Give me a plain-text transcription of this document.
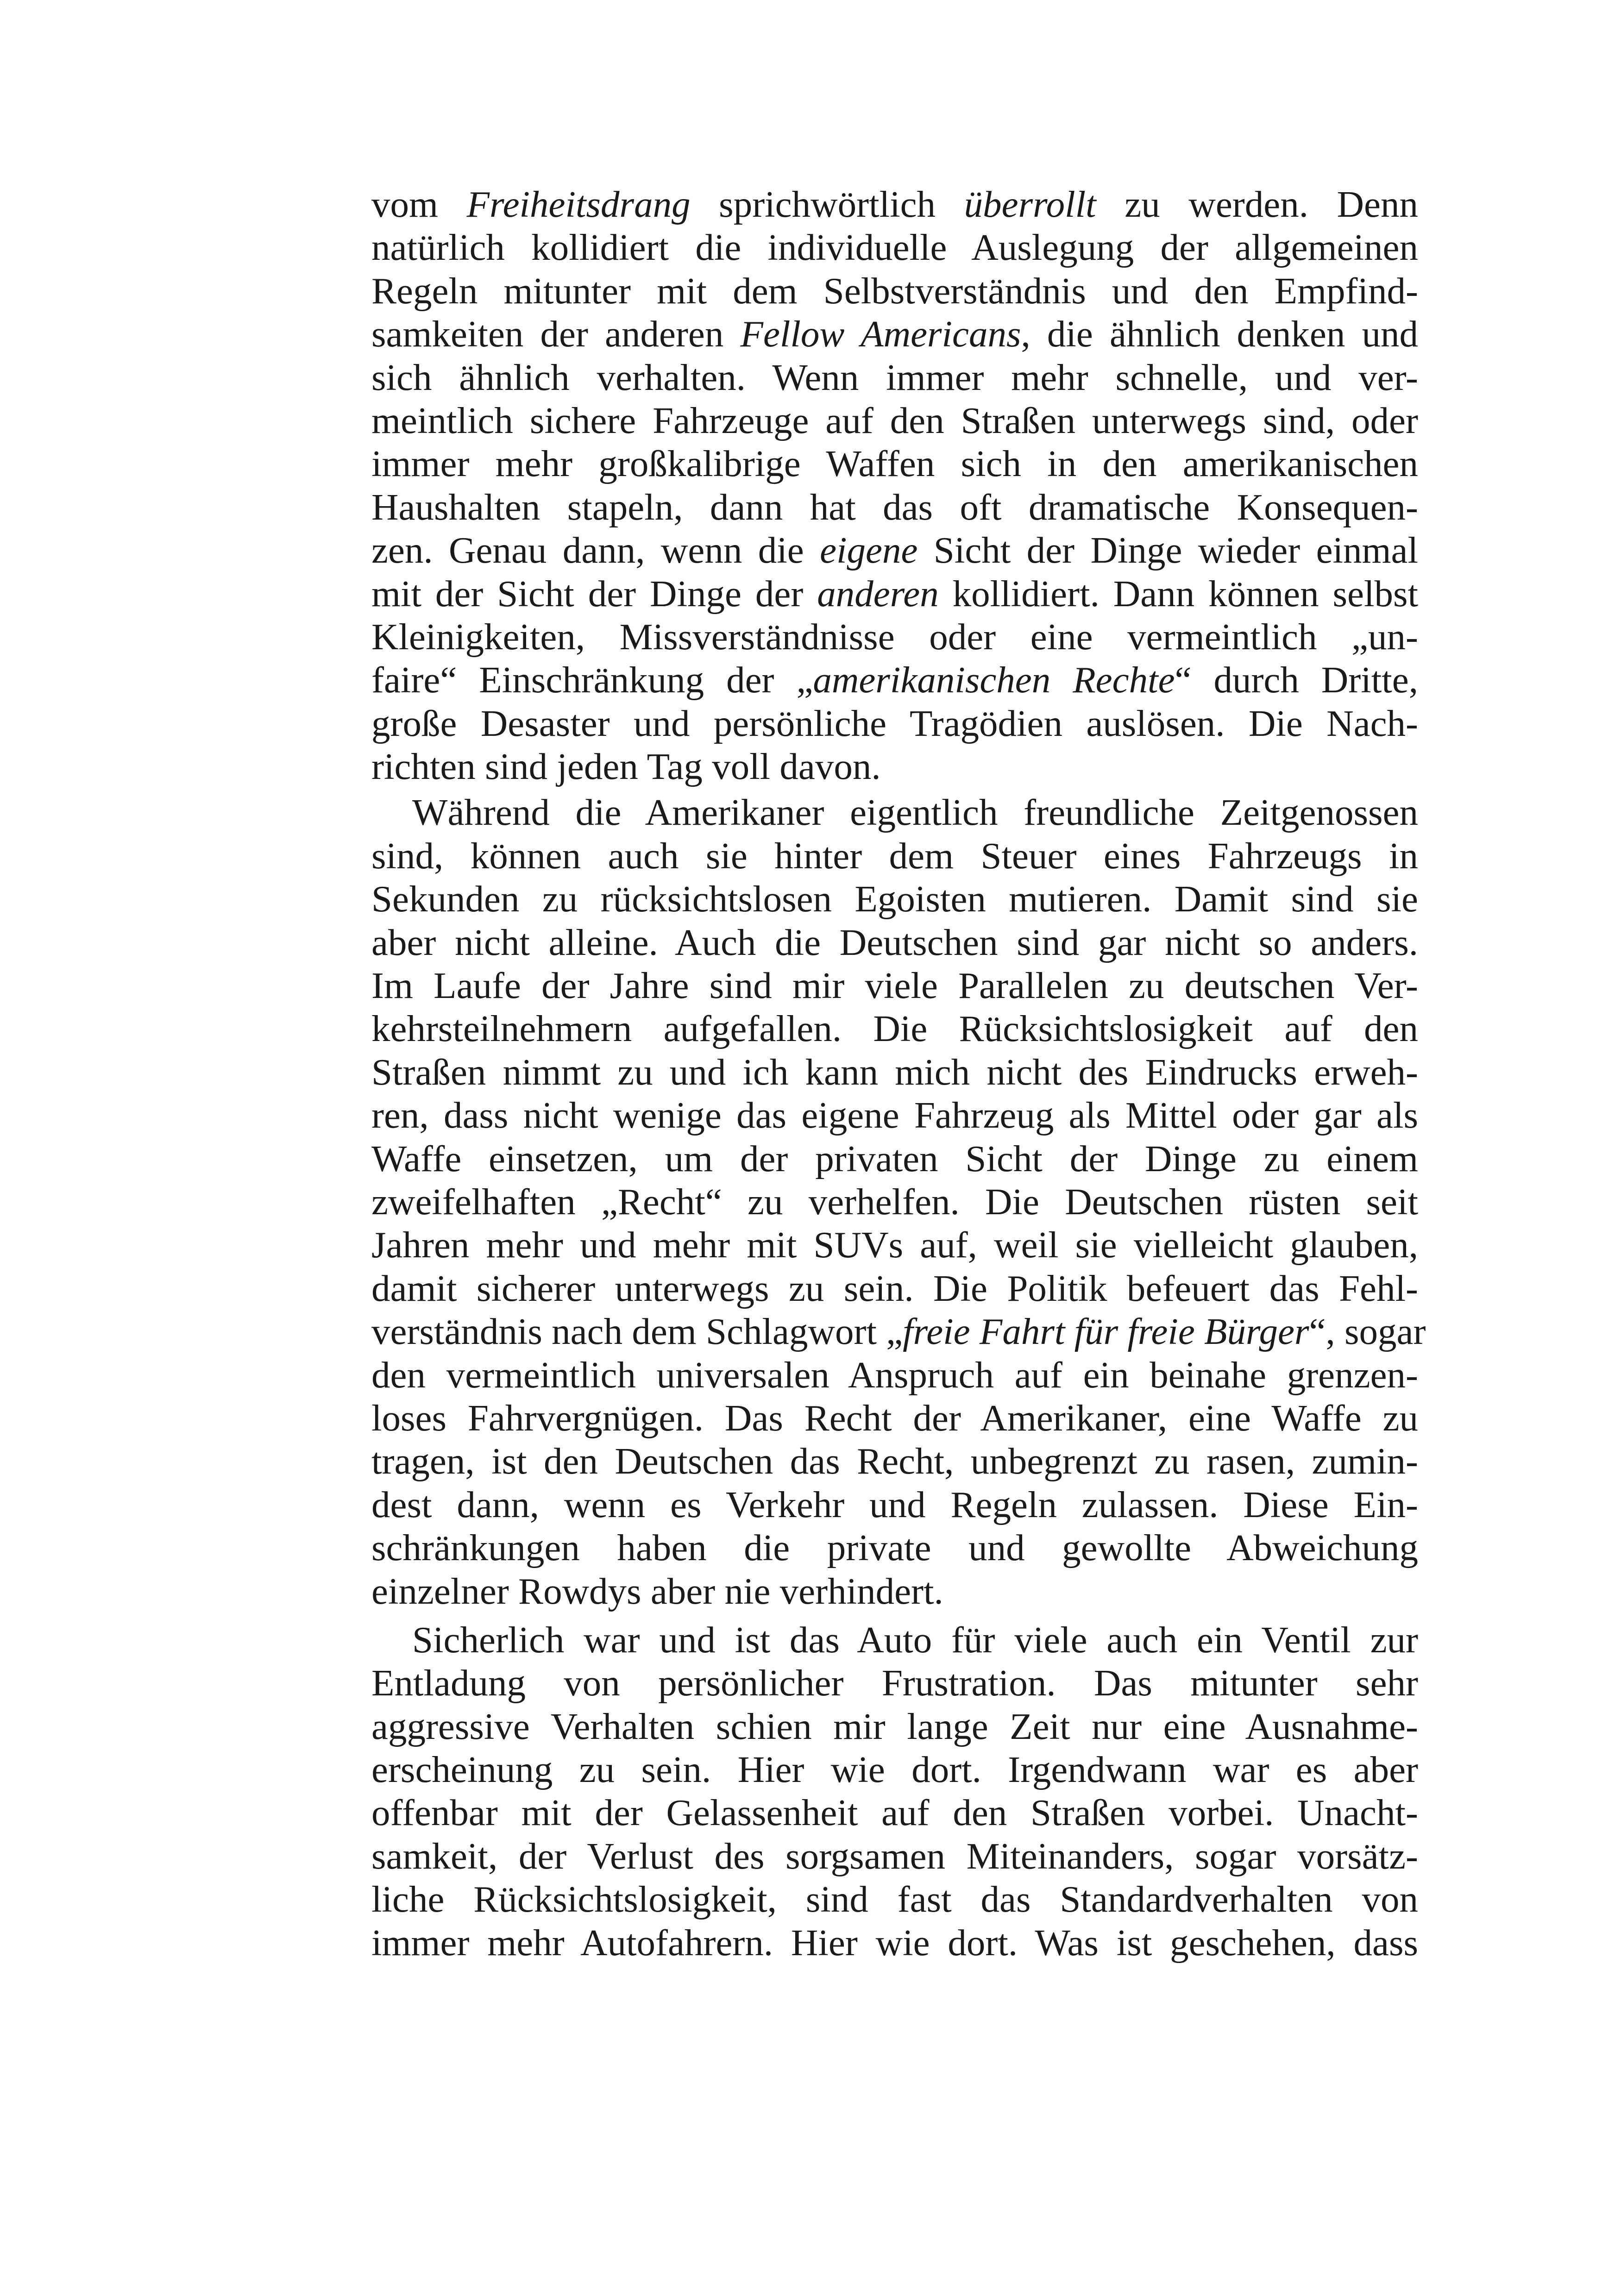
vom Freiheitsdrang sprichwörtlich überrollt zu werden. Denn
natürlich kollidiert die individuelle Auslegung der allgemeinen
Regeln mitunter mit dem Selbstverständnis und den Empfind-
samkeiten der anderen Fellow Americans, die ähnlich denken und
sich ähnlich verhalten. Wenn immer mehr schnelle, und ver-
meintlich sichere Fahrzeuge auf den Straßen unterwegs sind, oder
immer mehr großkalibrige Waffen sich in den amerikanischen
Haushalten stapeln, dann hat das oft dramatische Konsequen-
zen. Genau dann, wenn die eigene Sicht der Dinge wieder einmal
mit der Sicht der Dinge der anderen kollidiert. Dann können selbst
Kleinigkeiten, Missverständnisse oder eine vermeintlich „un-
faire“ Einschränkung der „amerikanischen Rechte“ durch Dritte,
große Desaster und persönliche Tragödien auslösen. Die Nach-
richten sind jeden Tag voll davon.
Während die Amerikaner eigentlich freundliche Zeitgenossen
sind, können auch sie hinter dem Steuer eines Fahrzeugs in
Sekunden zu rücksichtslosen Egoisten mutieren. Damit sind sie
aber nicht alleine. Auch die Deutschen sind gar nicht so anders.
Im Laufe der Jahre sind mir viele Parallelen zu deutschen Ver-
kehrsteilnehmern aufgefallen. Die Rücksichtslosigkeit auf den
Straßen nimmt zu und ich kann mich nicht des Eindrucks erweh-
ren, dass nicht wenige das eigene Fahrzeug als Mittel oder gar als
Waffe einsetzen, um der privaten Sicht der Dinge zu einem
zweifelhaften „Recht“ zu verhelfen. Die Deutschen rüsten seit
Jahren mehr und mehr mit SUVs auf, weil sie vielleicht glauben,
damit sicherer unterwegs zu sein. Die Politik befeuert das Fehl-
verständnis nach dem Schlagwort „freie Fahrt für freie Bürger“, sogar
den vermeintlich universalen Anspruch auf ein beinahe grenzen-
loses Fahrvergnügen. Das Recht der Amerikaner, eine Waffe zu
tragen, ist den Deutschen das Recht, unbegrenzt zu rasen, zumin-
dest dann, wenn es Verkehr und Regeln zulassen. Diese Ein-
schränkungen haben die private und gewollte Abweichung
einzelner Rowdys aber nie verhindert.
Sicherlich war und ist das Auto für viele auch ein Ventil zur
Entladung von persönlicher Frustration. Das mitunter sehr
aggressive Verhalten schien mir lange Zeit nur eine Ausnahme-
erscheinung zu sein. Hier wie dort. Irgendwann war es aber
offenbar mit der Gelassenheit auf den Straßen vorbei. Unacht-
samkeit, der Verlust des sorgsamen Miteinanders, sogar vorsätz-
liche Rücksichtslosigkeit, sind fast das Standardverhalten von
immer mehr Autofahrern. Hier wie dort. Was ist geschehen, dass
